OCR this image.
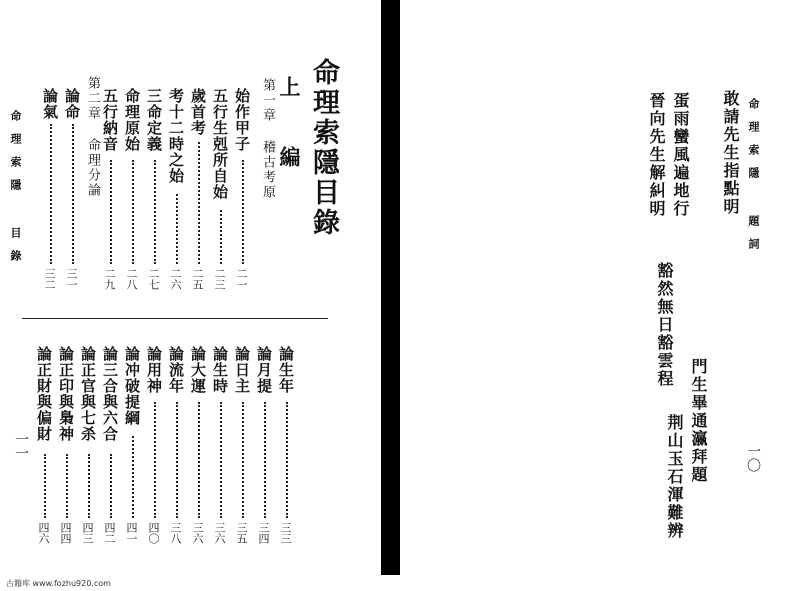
命理索隱 目錄	命理索隱目錄
上 編
第一章 稽古考原
始作甲子
二一
五行生剋所自始
二三
歲首考
二五
考十二時之始
二六
三命定義
二七
命理原始
二八
五行納音
二九
第二章 命理分論
論命
三一
論氣
三二
一一
論生年
三三
論月提
三四
論日主
三五
論生時
三六
論大運
三六
論流年
三八
論用神
四〇
論冲破提綱
四一
論三合與六合
四二
論正官與七杀
四三
論正印與梟神
四四
論正財與偏財
四六
命理索隱 題詞
一〇
敢請先生指點明
蛋雨蠻風遍地行
晉向先生解糾明
豁然無日豁雲程
門生畢通瀛拜題
荆山玉石渾難辨
古籍库 www.fozhu920.com
